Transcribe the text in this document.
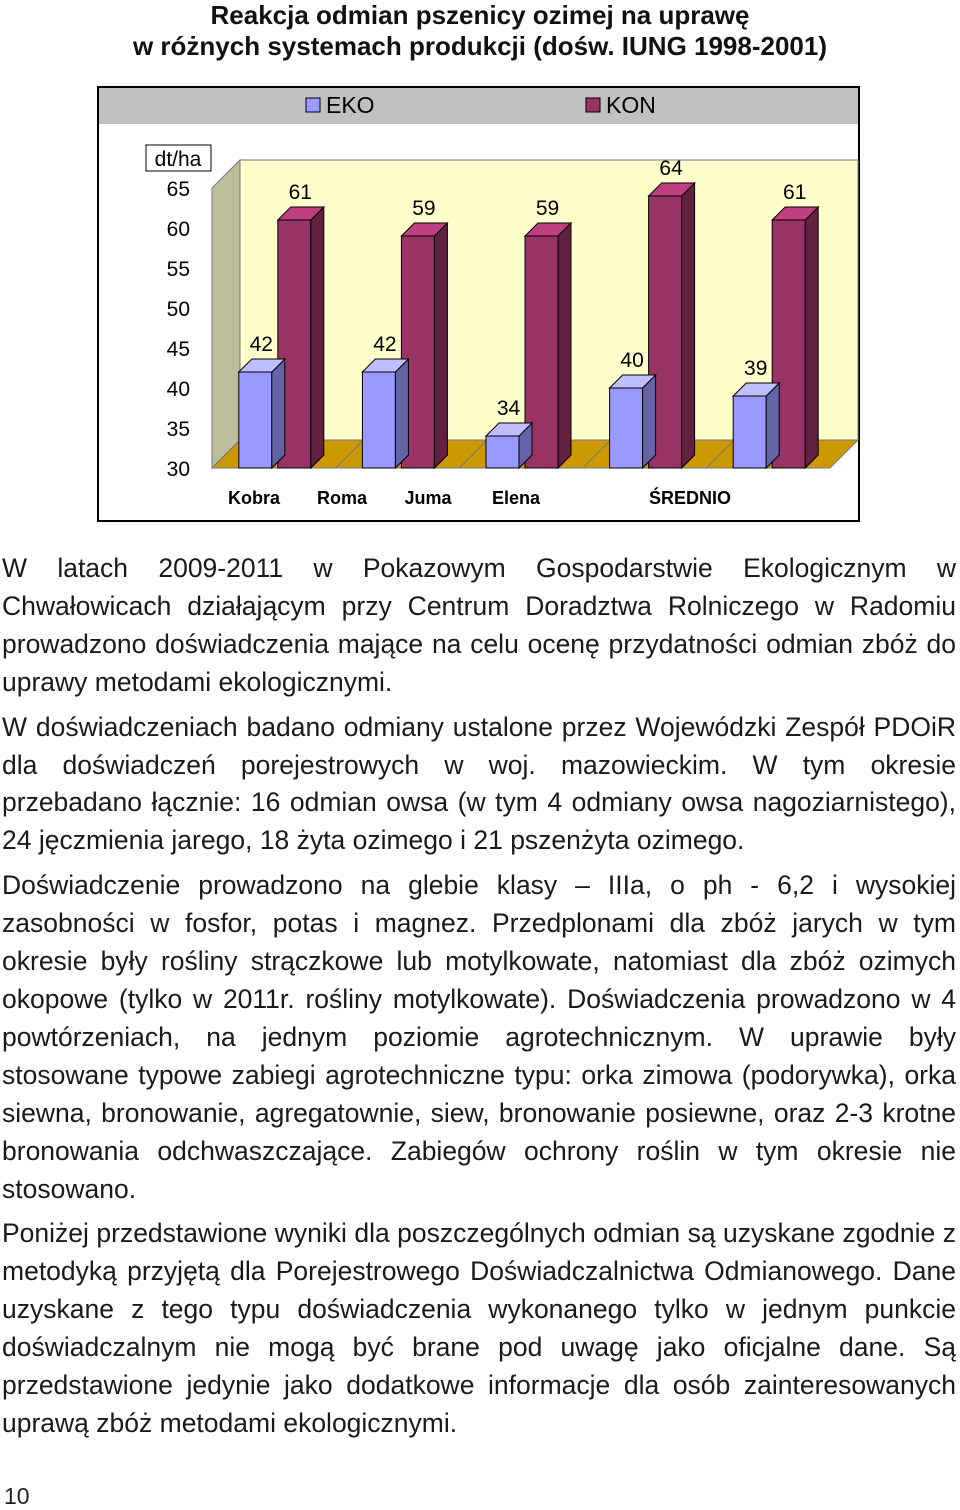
Reakcja odmian pszenicy ozimej na uprawę
w różnych systemach produkcji (dośw. IUNG 1998-2001)
61
42
59
42
59
34
64
40
61
39
30
35
40
45
50
55
60
65
Kobra Roma Juma Elena	ŚREDNIO
EKO	KON
dt/ha

W latach 2009-2011 w Pokazowym Gospodarstwie Ekologicznym w Chwałowicach działającym przy Centrum Doradztwa Rolniczego w Radomiu prowadzono doświadczenia mające na celu ocenę przydatności odmian zbóż do uprawy metodami ekologicznymi.

W doświadczeniach badano odmiany ustalone przez Wojewódzki Zespół PDOiR dla doświadczeń porejestrowych w woj. mazowieckim. W tym okresie przebadano łącznie: 16 odmian owsa (w tym 4 odmiany owsa nagoziarnistego), 24 jęczmienia jarego, 18 żyta ozimego i 21 pszenżyta ozimego.

Doświadczenie prowadzono na glebie klasy – IIIa, o ph - 6,2 i wysokiej zasobności w fosfor, potas i magnez. Przedplonami dla zbóż jarych w tym okresie były rośliny strączkowe lub motylkowate, natomiast dla zbóż ozimych okopowe (tylko w 2011r. rośliny motylkowate). Doświadczenia prowadzono w 4 powtórzeniach, na jednym poziomie agrotechnicznym. W uprawie były stosowane typowe zabiegi agrotechniczne typu: orka zimowa (podorywka), orka siewna, bronowanie, agregatownie, siew, bronowanie posiewne, oraz 2-3 krotne bronowania odchwaszczające. Zabiegów ochrony roślin w tym okresie nie stosowano.

Poniżej przedstawione wyniki dla poszczególnych odmian są uzyskane zgodnie z metodyką przyjętą dla Porejestrowego Doświadczalnictwa Odmianowego. Dane uzyskane z tego typu doświadczenia wykonanego tylko w jednym punkcie doświadczalnym nie mogą być brane pod uwagę jako oficjalne dane. Są przedstawione jedynie jako dodatkowe informacje dla osób zainteresowanych uprawą zbóż metodami ekologicznymi.

10
